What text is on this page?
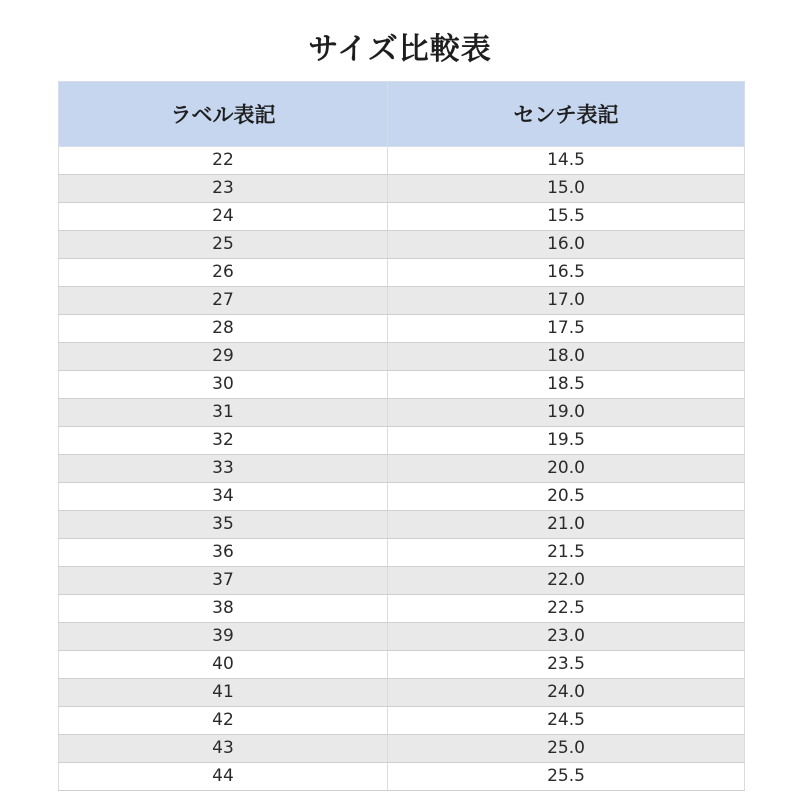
サイズ比較表
ラベル表記	センチ表記
22	14.5
23	15.0
24	15.5
25	16.0
26	16.5
27	17.0
28	17.5
29	18.0
30	18.5
31	19.0
32	19.5
33	20.0
34	20.5
35	21.0
36	21.5
37	22.0
38	22.5
39	23.0
40	23.5
41	24.0
42	24.5
43	25.0
44	25.5
